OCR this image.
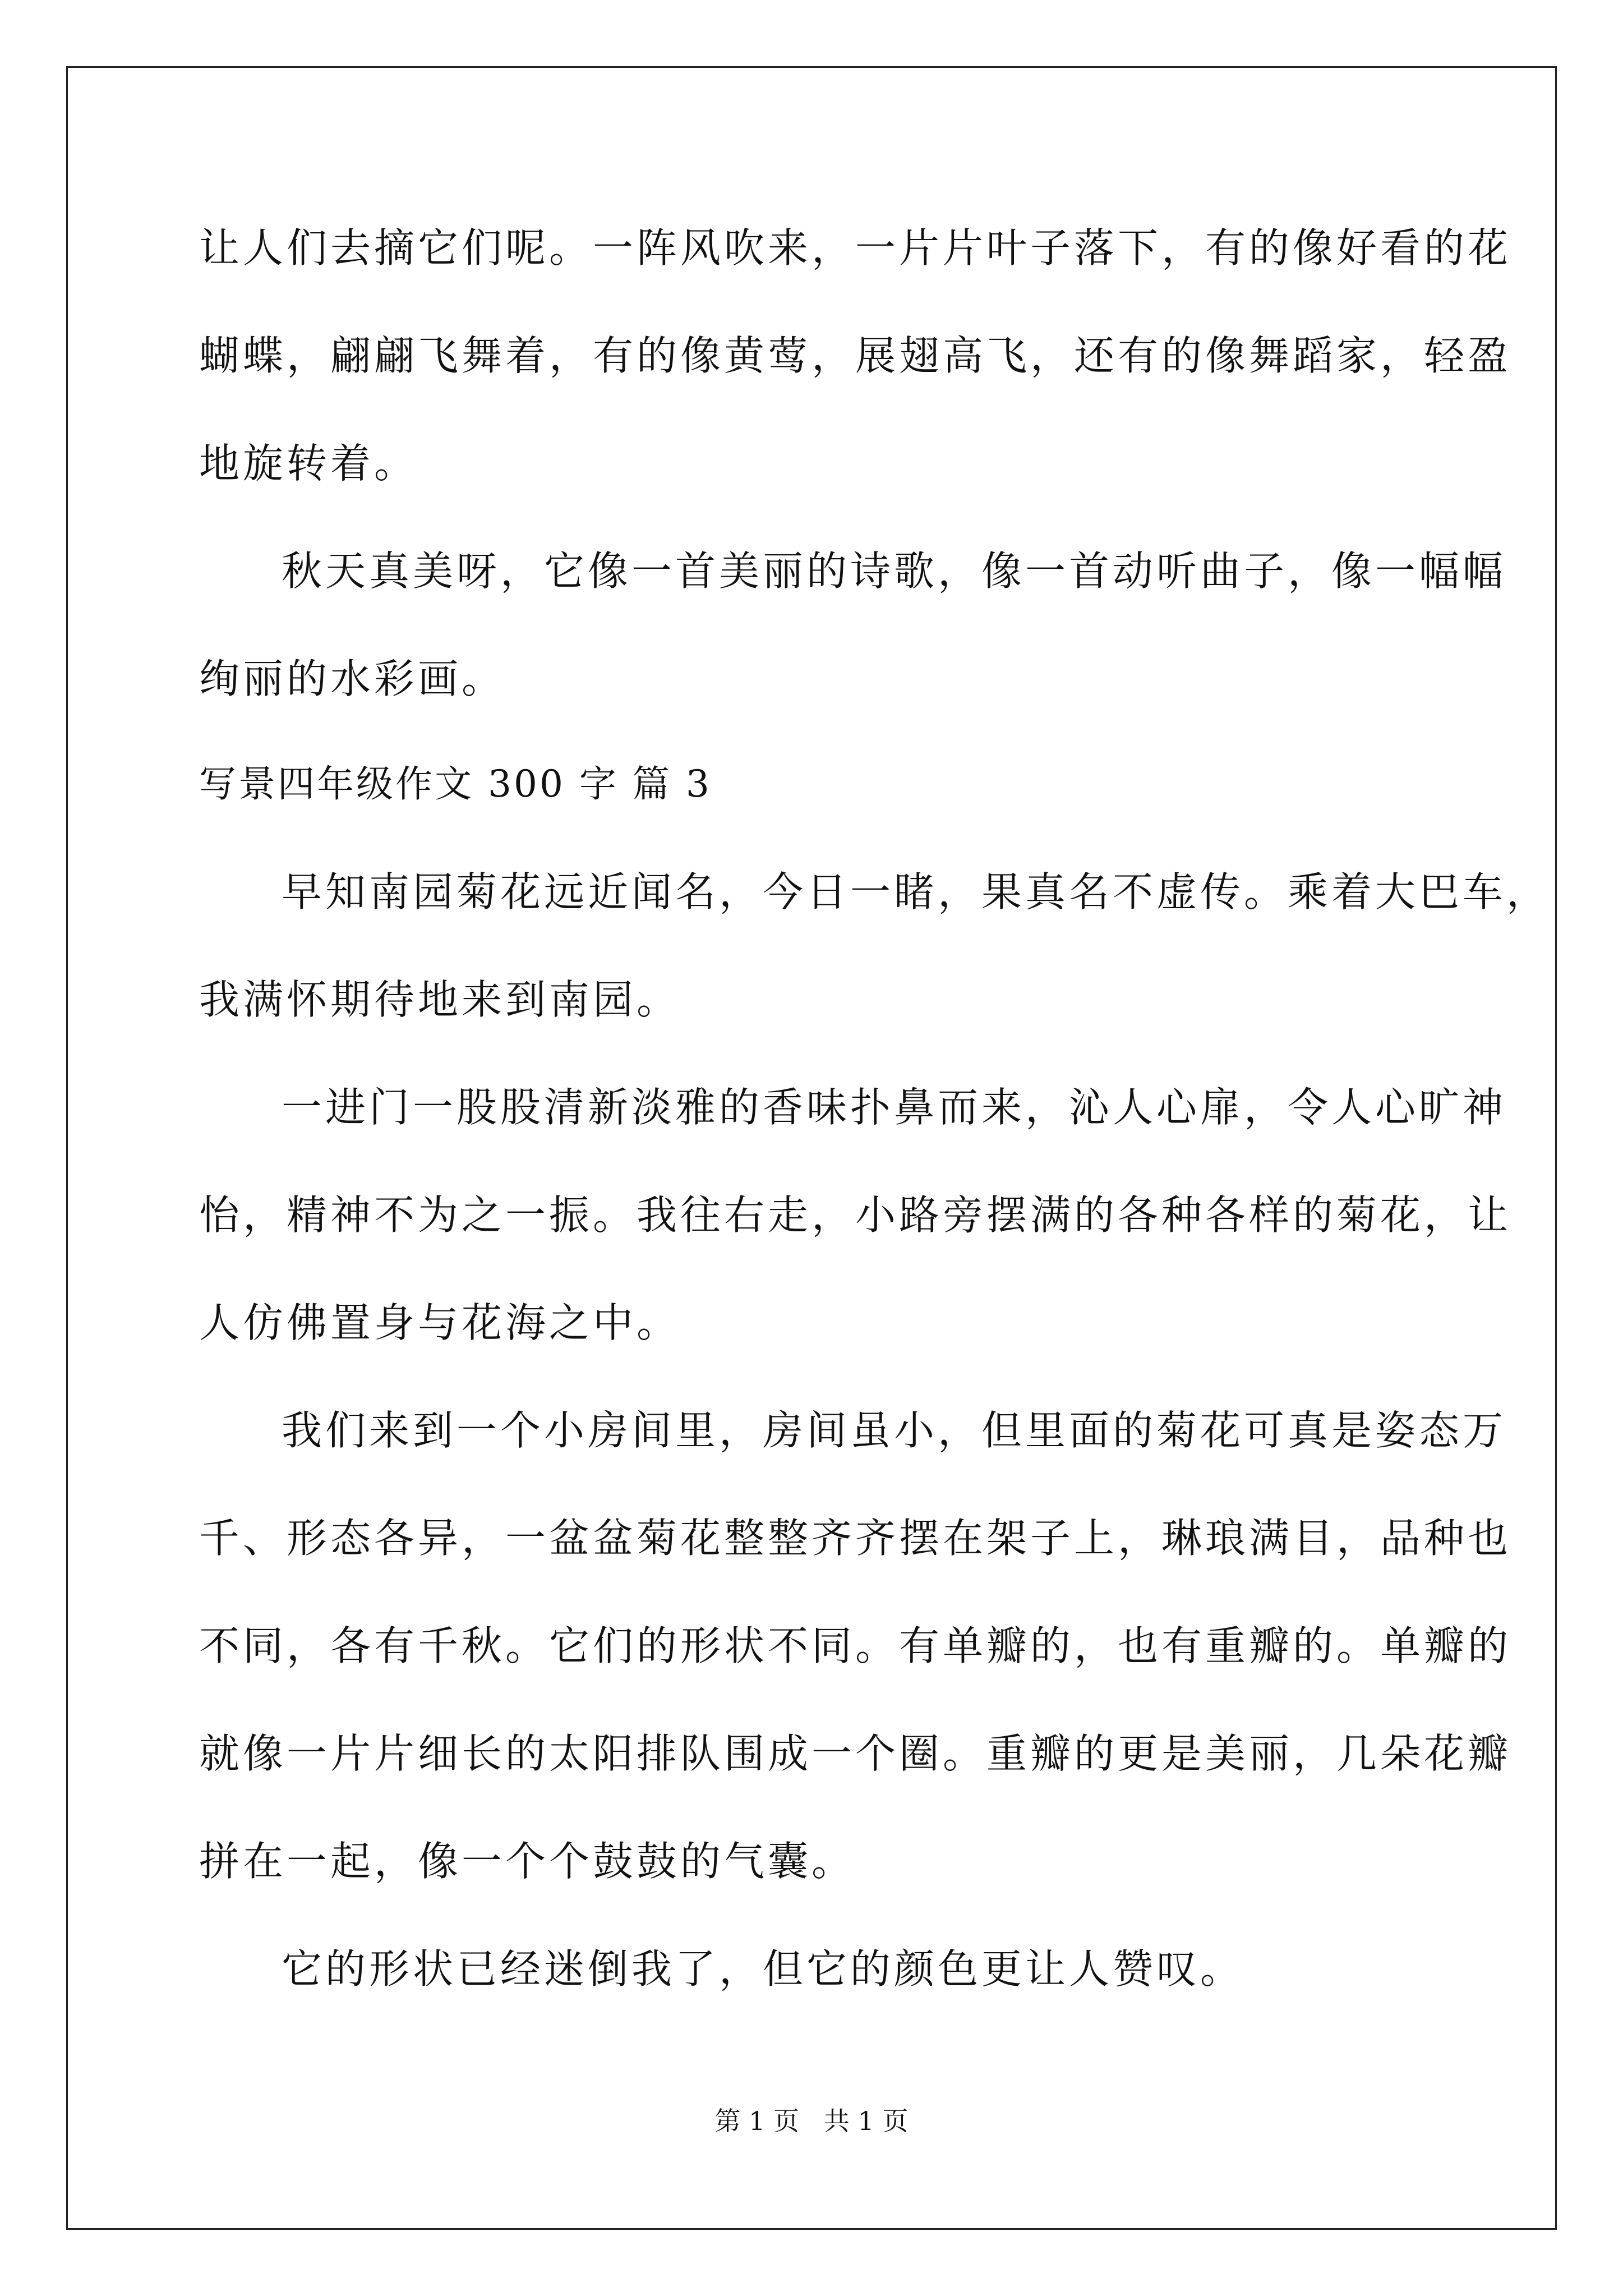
让人们去摘它们呢。一阵风吹来，一片片叶子落下，有的像好看的花
蝴蝶，翩翩飞舞着，有的像黄莺，展翅高飞，还有的像舞蹈家，轻盈
地旋转着。
秋天真美呀，它像一首美丽的诗歌，像一首动听曲子，像一幅幅
绚丽的水彩画。
写景四年级作文 300 字 篇 3
早知南园菊花远近闻名，今日一睹，果真名不虚传。乘着大巴车，
我满怀期待地来到南园。
一进门一股股清新淡雅的香味扑鼻而来，沁人心扉，令人心旷神
怡，精神不为之一振。我往右走，小路旁摆满的各种各样的菊花，让
人仿佛置身与花海之中。
我们来到一个小房间里，房间虽小，但里面的菊花可真是姿态万
千、形态各异，一盆盆菊花整整齐齐摆在架子上，琳琅满目，品种也
不同，各有千秋。它们的形状不同。有单瓣的，也有重瓣的。单瓣的
就像一片片细长的太阳排队围成一个圈。重瓣的更是美丽，几朵花瓣
拼在一起，像一个个鼓鼓的气囊。
它的形状已经迷倒我了，但它的颜色更让人赞叹。
第 1 页   共 1 页
